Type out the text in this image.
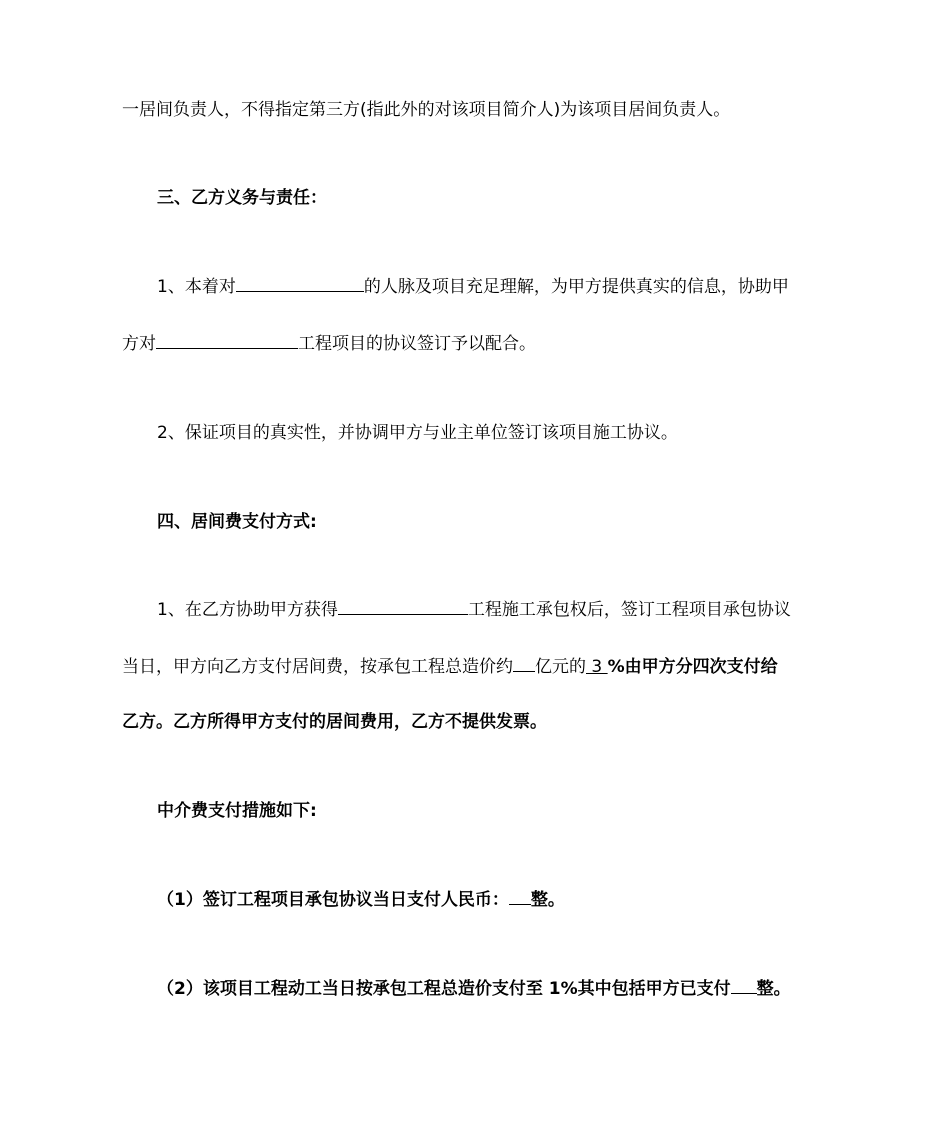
一居间负责人，不得指定第三方(指此外的对该项目简介人)为该项目居间负责人。
三、乙方义务与责任：
1、本着对	的人脉及项目充足理解，为甲方提供真实的信息，协助甲
方对	工程项目的协议签订予以配合。
2、保证项目的真实性，并协调甲方与业主单位签订该项目施工协议。
四、居间费支付方式:
1、在乙方协助甲方获得	工程施工承包权后，签订工程项目承包协议
当日，甲方向乙方支付居间费，按承包工程总造价约 亿元的 3 %由甲方分四次支付给
乙方。乙方所得甲方支付的居间费用，乙方不提供发票。
中介费支付措施如下:
（1）签订工程项目承包协议当日支付人民币： 整。
（2）该项目工程动工当日按承包工程总造价支付至 1%其中包括甲方已支付 整。
